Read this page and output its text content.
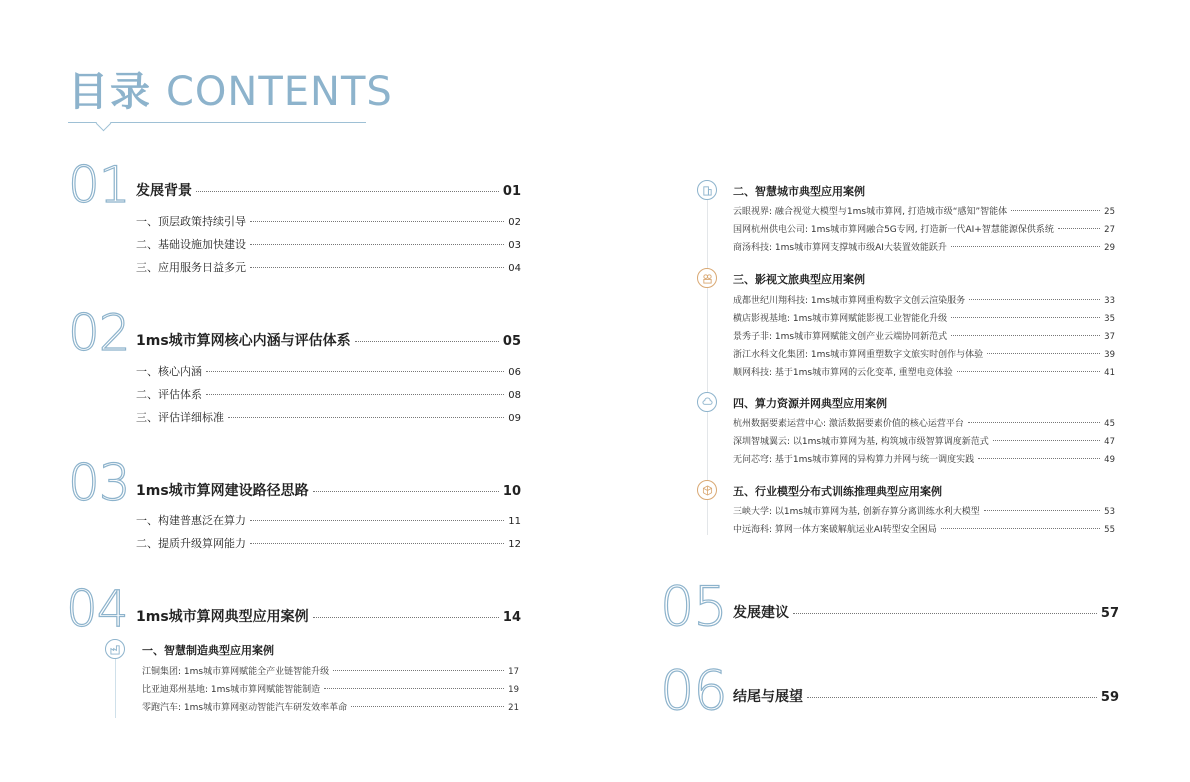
目录 CONTENTS
01 发展背景	01
一、顶层政策持续引导	02
二、基础设施加快建设	03
三、应用服务日益多元	04
02 1ms城市算网核心内涵与评估体系	05
一、核心内涵	06
二、评估体系	08
三、评估详细标准	09
03 1ms城市算网建设路径思路	10
一、构建普惠泛在算力	11
二、提质升级算网能力	12
04 1ms城市算网典型应用案例	14
一、智慧制造典型应用案例
江铜集团: 1ms城市算网赋能全产业链智能升级	17
比亚迪郑州基地: 1ms城市算网赋能智能制造	19
零跑汽车: 1ms城市算网驱动智能汽车研发效率革命	21
二、智慧城市典型应用案例
云眼视界: 融合视觉大模型与1ms城市算网, 打造城市级“感知”智能体	25
国网杭州供电公司: 1ms城市算网融合5G专网, 打造新一代AI+智慧能源保供系统	27
商汤科技: 1ms城市算网支撑城市级AI大装置效能跃升	29
三、影视文旅典型应用案例
成都世纪川翔科技: 1ms城市算网重构数字文创云渲染服务	33
横店影视基地: 1ms城市算网赋能影视工业智能化升级	35
景秀子非: 1ms城市算网赋能文创产业云端协同新范式	37
浙江水科文化集团: 1ms城市算网重塑数字文旅实时创作与体验	39
顺网科技: 基于1ms城市算网的云化变革, 重塑电竞体验	41
四、算力资源并网典型应用案例
杭州数据要素运营中心: 激活数据要素价值的核心运营平台	45
深圳智城翼云: 以1ms城市算网为基, 构筑城市级智算调度新范式	47
无问芯穹: 基于1ms城市算网的异构算力并网与统一调度实践	49
五、行业模型分布式训练推理典型应用案例
三峡大学: 以1ms城市算网为基, 创新存算分离训练水利大模型	53
中远海科: 算网一体方案破解航运业AI转型安全困局	55
05 发展建议	57
06 结尾与展望	59
